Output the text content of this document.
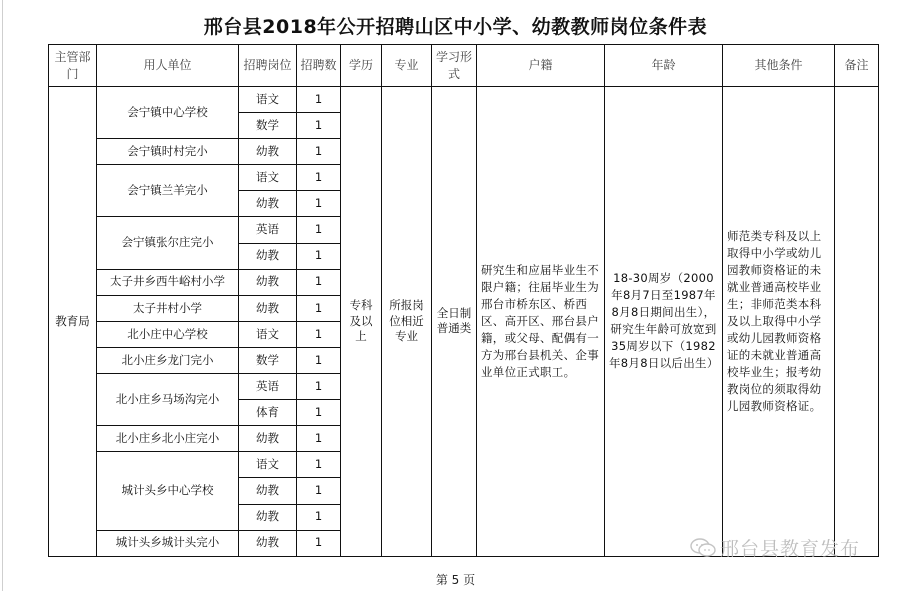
邢台县2018年公开招聘山区中小学、幼教教师岗位条件表
主管部门	用人单位	招聘岗位	招聘数	学历	专业	学习形式	户籍	年龄	其他条件	备注

教育局	会宁镇中心学校	语文	1	专科及以上	所报岗位相近专业	全日制普通类	研究生和应届毕业生不限户籍；往届毕业生为邢台市桥东区、桥西区、高开区、邢台县户籍，或父母、配偶有一方为邢台县机关、企事业单位正式职工。	18-30周岁（2000年8月7日至1987年8月8日期间出生），研究生年龄可放宽到35周岁以下（1982年8月8日以后出生）	师范类专科及以上取得中小学或幼儿园教师资格证的未就业普通高校毕业生；非师范类本科及以上取得中小学或幼儿园教师资格证的未就业普通高校毕业生；报考幼教岗位的须取得幼儿园教师资格证。	

		数学	1							
	会宁镇时村完小	幼教	1							
	会宁镇兰羊完小	语文	1							
		幼教	1							
	会宁镇张尔庄完小	英语	1							
		幼教	1							
	太子井乡西牛峪村小学	幼教	1							
	太子井村小学	幼教	1							
	北小庄中心学校	语文	1							
	北小庄乡龙门完小	数学	1							
	北小庄乡马场沟完小	英语	1							
		体育	1							
	北小庄乡北小庄完小	幼教	1							
	城计头乡中心学校	语文	1							
		幼教	1							
		幼教	1							
	城计头乡城计头完小	幼教	1								邢台县教育发布
第 5 页
